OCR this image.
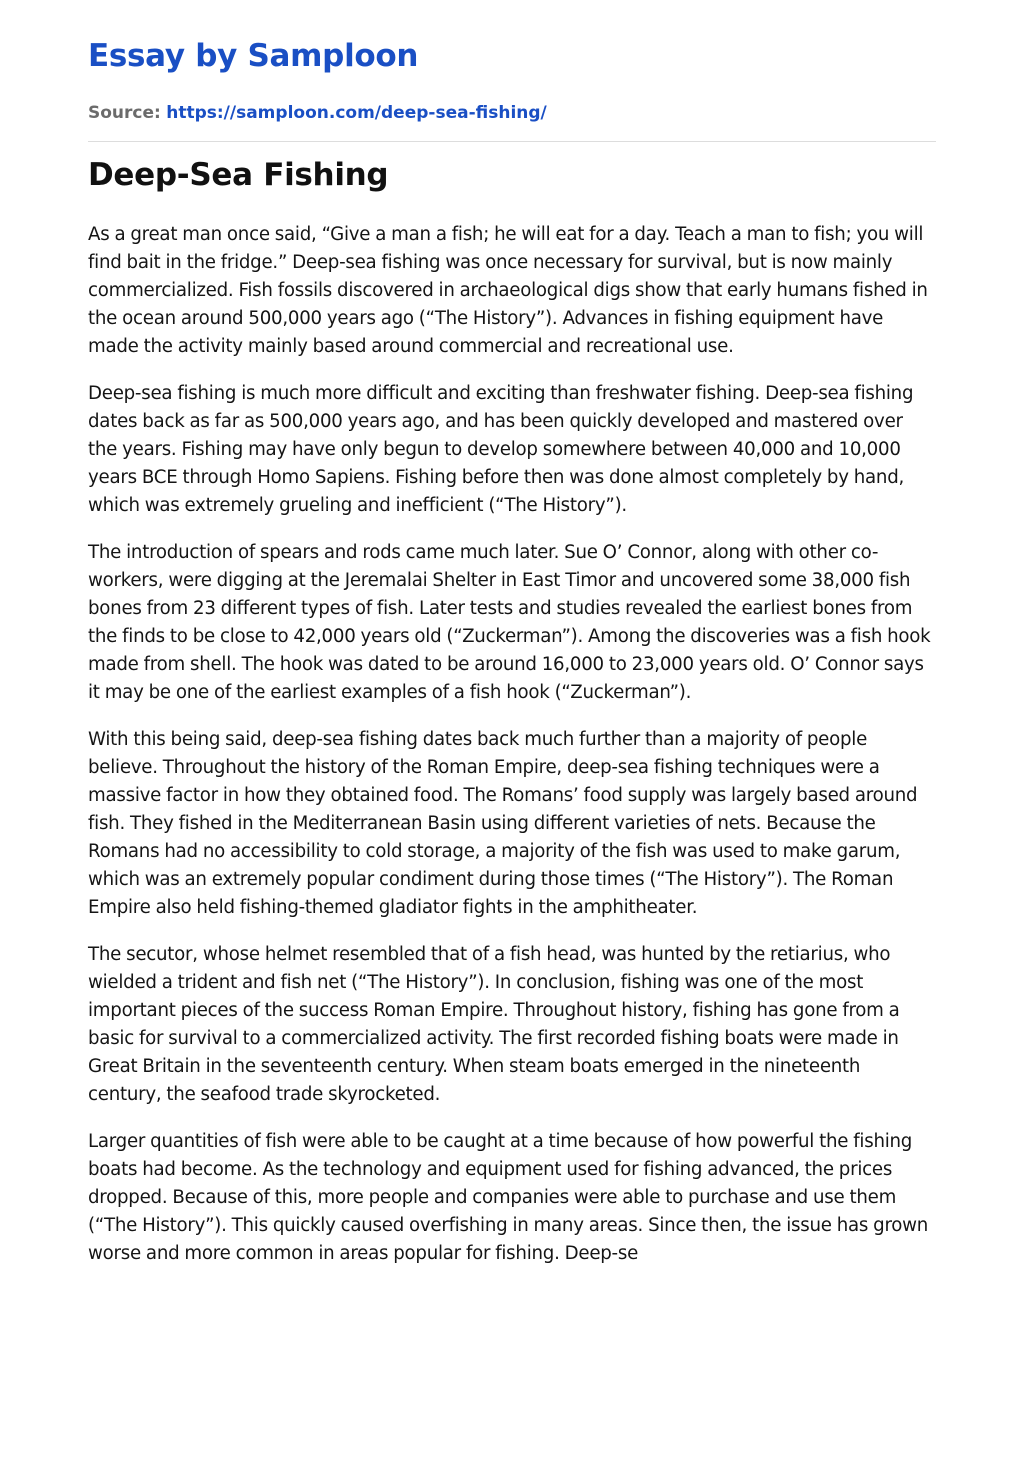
Essay by Samploon
Source: https://samploon.com/deep-sea-fishing/
Deep-Sea Fishing

As a great man once said, “Give a man a fish; he will eat for a day. Teach a man to fish; you will find bait in the fridge.” Deep-sea fishing was once necessary for survival, but is now mainly commercialized. Fish fossils discovered in archaeological digs show that early humans fished in the ocean around 500,000 years ago (“The History”). Advances in fishing equipment have made the activity mainly based around commercial and recreational use.

Deep-sea fishing is much more difficult and exciting than freshwater fishing. Deep-sea fishing dates back as far as 500,000 years ago, and has been quickly developed and mastered over the years. Fishing may have only begun to develop somewhere between 40,000 and 10,000 years BCE through Homo Sapiens. Fishing before then was done almost completely by hand, which was extremely grueling and inefficient (“The History”).

The introduction of spears and rods came much later. Sue O’ Connor, along with other co-workers, were digging at the Jeremalai Shelter in East Timor and uncovered some 38,000 fish bones from 23 different types of fish. Later tests and studies revealed the earliest bones from the finds to be close to 42,000 years old (“Zuckerman”). Among the discoveries was a fish hook made from shell. The hook was dated to be around 16,000 to 23,000 years old. O’ Connor says it may be one of the earliest examples of a fish hook (“Zuckerman”).

With this being said, deep-sea fishing dates back much further than a majority of people believe. Throughout the history of the Roman Empire, deep-sea fishing techniques were a massive factor in how they obtained food. The Romans’ food supply was largely based around fish. They fished in the Mediterranean Basin using different varieties of nets. Because the Romans had no accessibility to cold storage, a majority of the fish was used to make garum, which was an extremely popular condiment during those times (“The History”). The Roman Empire also held fishing-themed gladiator fights in the amphitheater.

The secutor, whose helmet resembled that of a fish head, was hunted by the retiarius, who wielded a trident and fish net (“The History”). In conclusion, fishing was one of the most important pieces of the success Roman Empire. Throughout history, fishing has gone from a basic for survival to a commercialized activity. The first recorded fishing boats were made in Great Britain in the seventeenth century. When steam boats emerged in the nineteenth century, the seafood trade skyrocketed.

Larger quantities of fish were able to be caught at a time because of how powerful the fishing boats had become. As the technology and equipment used for fishing advanced, the prices dropped. Because of this, more people and companies were able to purchase and use them (“The History”). This quickly caused overfishing in many areas. Since then, the issue has grown worse and more common in areas popular for fishing. Deep-se
